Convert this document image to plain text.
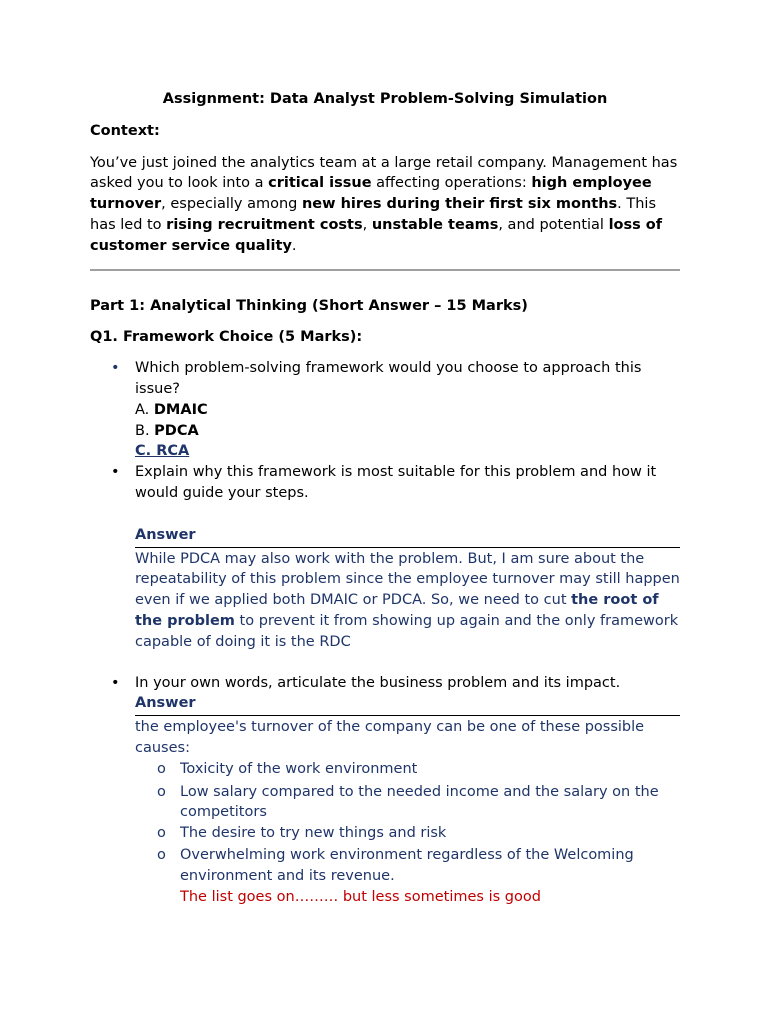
Assignment: Data Analyst Problem-Solving Simulation
Context:

You’ve just joined the analytics team at a large retail company. Management has asked you to look into a critical issue affecting operations: high employee turnover, especially among new hires during their first six months. This has led to rising recruitment costs, unstable teams, and potential loss of customer service quality.

Part 1: Analytical Thinking (Short Answer – 15 Marks)
Q1. Framework Choice (5 Marks):
• Which problem-solving framework would you choose to approach this issue?
A. DMAIC
B. PDCA
C. RCA
• Explain why this framework is most suitable for this problem and how it would guide your steps.
Answer
While PDCA may also work with the problem. But, I am sure about the repeatability of this problem since the employee turnover may still happen even if we applied both DMAIC or PDCA. So, we need to cut the root of the problem to prevent it from showing up again and the only framework capable of doing it is the RDC
• In your own words, articulate the business problem and its impact.
Answer
the employee's turnover of the company can be one of these possible causes:
o Toxicity of the work environment
o Low salary compared to the needed income and the salary on the competitors
o The desire to try new things and risk
o Overwhelming work environment regardless of the Welcoming environment and its revenue.
The list goes on……… but less sometimes is good
